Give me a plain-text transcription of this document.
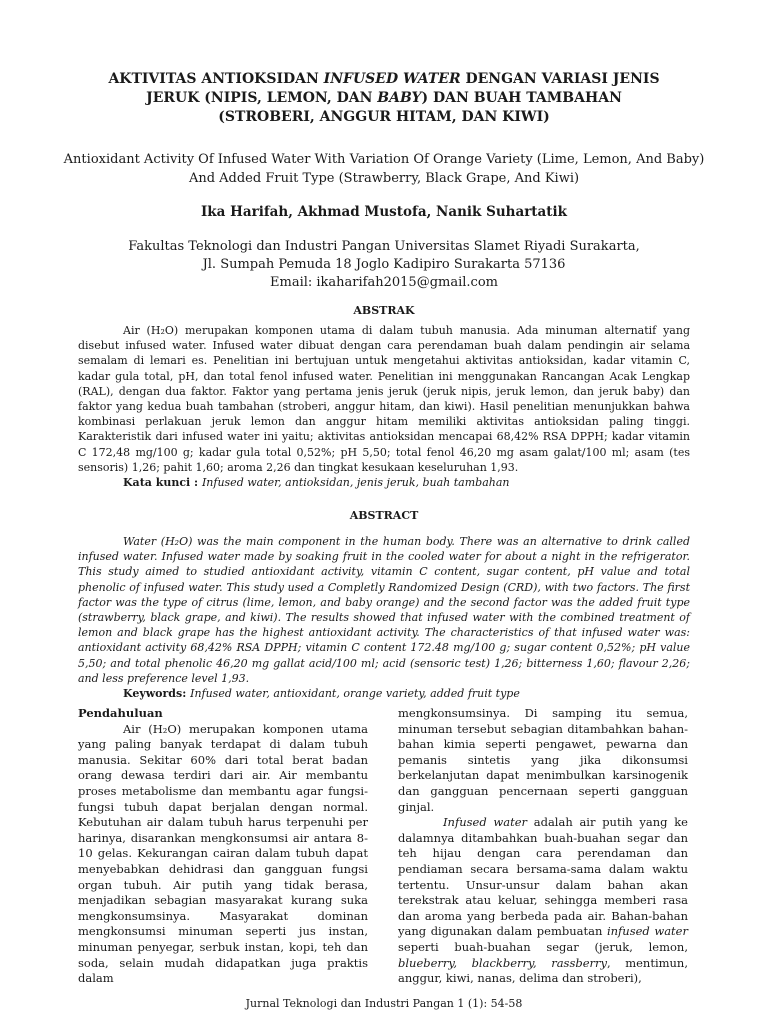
AKTIVITAS ANTIOKSIDAN INFUSED WATER DENGAN VARIASI JENIS
JERUK (NIPIS, LEMON, DAN BABY) DAN BUAH TAMBAHAN
(STROBERI, ANGGUR HITAM, DAN KIWI)
Antioxidant Activity Of Infused Water With Variation Of Orange Variety (Lime, Lemon, And Baby) And Added Fruit Type (Strawberry, Black Grape, And Kiwi)
Ika Harifah, Akhmad Mustofa, Nanik Suhartatik
Fakultas Teknologi dan Industri Pangan Universitas Slamet Riyadi Surakarta,
Jl. Sumpah Pemuda 18 Joglo Kadipiro Surakarta 57136
Email: ikaharifah2015@gmail.com
ABSTRAK

Air (H₂O) merupakan komponen utama di dalam tubuh manusia. Ada minuman alternatif yang disebut infused water. Infused water dibuat dengan cara perendaman buah dalam pendingin air selama semalam di lemari es. Penelitian ini bertujuan untuk mengetahui aktivitas antioksidan, kadar vitamin C, kadar gula total, pH, dan total fenol infused water. Penelitian ini menggunakan Rancangan Acak Lengkap (RAL), dengan dua faktor. Faktor yang pertama jenis jeruk (jeruk nipis, jeruk lemon, dan jeruk baby) dan faktor yang kedua buah tambahan (stroberi, anggur hitam, dan kiwi). Hasil penelitian menunjukkan bahwa kombinasi perlakuan jeruk lemon dan anggur hitam memiliki aktivitas antioksidan paling tinggi. Karakteristik dari infused water ini yaitu; aktivitas antioksidan mencapai 68,42% RSA DPPH; kadar vitamin C 172,48 mg/100 g; kadar gula total 0,52%; pH 5,50; total fenol 46,20 mg asam galat/100 ml; asam (tes sensoris) 1,26; pahit 1,60; aroma 2,26 dan tingkat kesukaan keseluruhan 1,93.

Kata kunci : Infused water, antioksidan, jenis jeruk, buah tambahan

ABSTRACT

Water (H₂O) was the main component in the human body. There was an alternative to drink called infused water. Infused water made by soaking fruit in the cooled water for about a night in the refrigerator. This study aimed to studied antioxidant activity, vitamin C content, sugar content, pH value and total phenolic of infused water. This study used a Completly Randomized Design (CRD), with two factors. The first factor was the type of citrus (lime, lemon, and baby orange) and the second factor was the added fruit type (strawberry, black grape, and kiwi). The results showed that infused water with the combined treatment of lemon and black grape has the highest antioxidant activity. The characteristics of that infused water was: antioxidant activity 68,42% RSA DPPH; vitamin C content 172.48 mg/100 g; sugar content 0,52%; pH value 5,50; and total phenolic 46,20 mg gallat acid/100 ml; acid (sensoric test) 1,26; bitterness 1,60; flavour 2,26; and less preference level 1,93.

Keywords: Infused water, antioxidant, orange variety, added fruit type

Pendahuluan

Air (H₂O) merupakan komponen utama yang paling banyak terdapat di dalam tubuh manusia. Sekitar 60% dari total berat badan orang dewasa terdiri dari air. Air membantu proses metabolisme dan membantu agar fungsi-fungsi tubuh dapat berjalan dengan normal. Kebutuhan air dalam tubuh harus terpenuhi per harinya, disarankan mengkonsumsi air antara 8-10 gelas. Kekurangan cairan dalam tubuh dapat menyebabkan dehidrasi dan gangguan fungsi organ tubuh. Air putih yang tidak berasa, menjadikan sebagian masyarakat kurang suka mengkonsumsinya. Masyarakat dominan mengkonsumsi minuman seperti jus instan, minuman penyegar, serbuk instan, kopi, teh dan soda, selain mudah didapatkan juga praktis dalam

mengkonsumsinya. Di samping itu semua, minuman tersebut sebagian ditambahkan bahan-bahan kimia seperti pengawet, pewarna dan pemanis sintetis yang jika dikonsumsi berkelanjutan dapat menimbulkan karsinogenik dan gangguan pencernaan seperti gangguan ginjal.

Infused water adalah air putih yang ke dalamnya ditambahkan buah-buahan segar dan teh hijau dengan cara perendaman dan pendiaman secara bersama-sama dalam waktu tertentu. Unsur-unsur dalam bahan akan terekstrak atau keluar, sehingga memberi rasa dan aroma yang berbeda pada air. Bahan-bahan yang digunakan dalam pembuatan infused water seperti buah-buahan segar (jeruk, lemon, blueberry, blackberry, rassberry, mentimun, anggur, kiwi, nanas, delima dan stroberi),

Jurnal Teknologi dan Industri Pangan 1 (1): 54-58
